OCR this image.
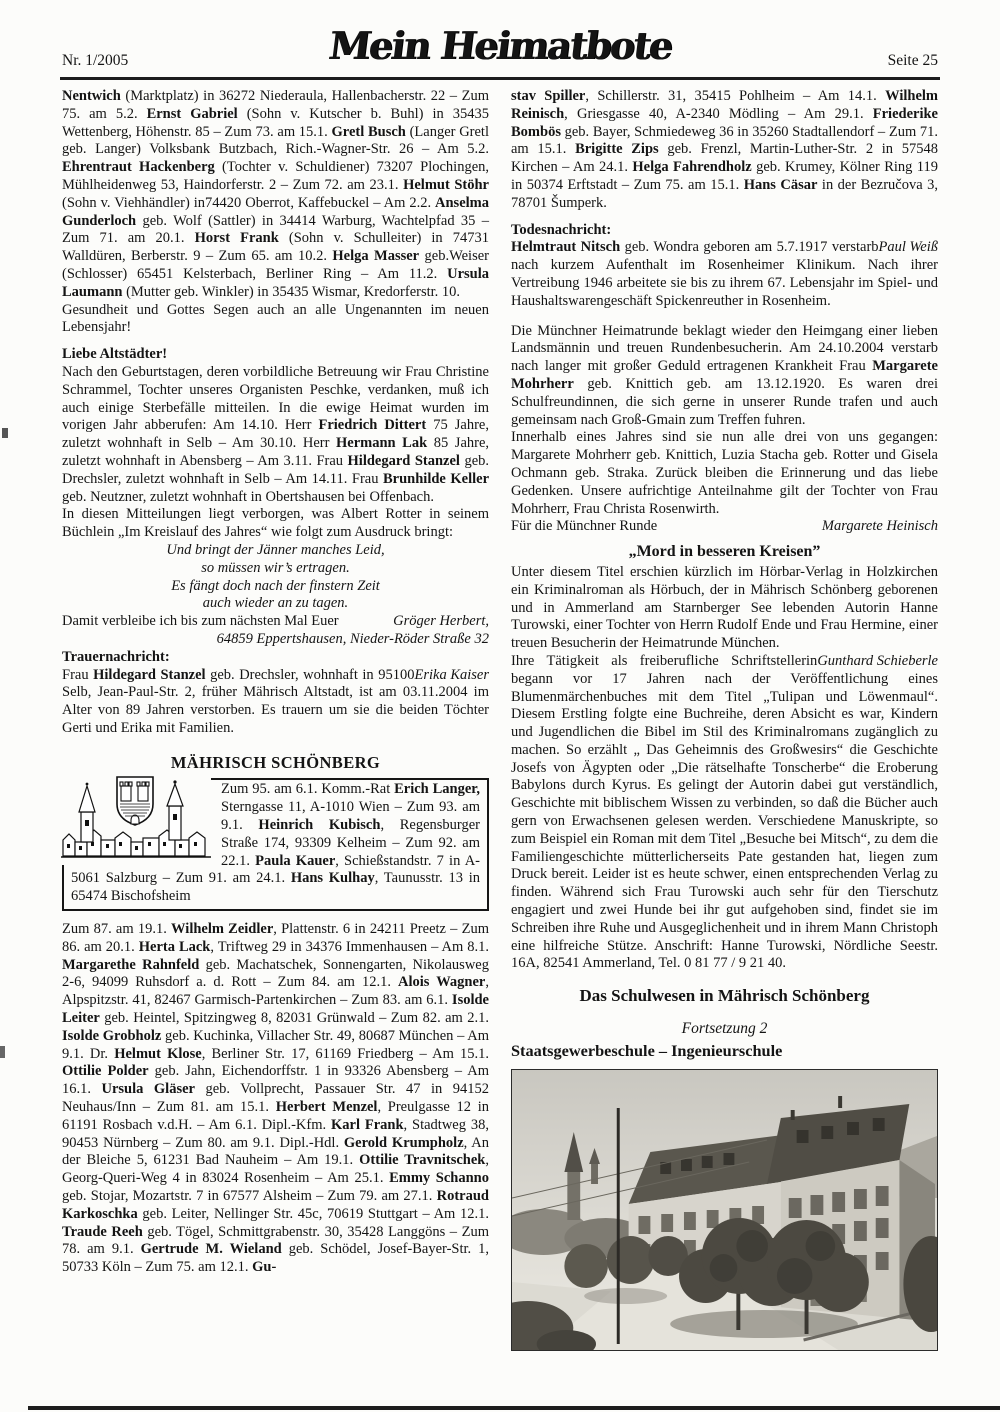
Nr. 1/2005	Mein Heimatbote	Seite 25

Nentwich (Marktplatz) in 36272 Niederaula, Hallenbacherstr. 22 – Zum 75. am 5.2. Ernst Gabriel (Sohn v. Kutscher b. Buhl) in 35435 Wettenberg, Höhenstr. 85 – Zum 73. am 15.1. Gretl Busch (Langer Gretl geb. Langer) Volksbank Butzbach, Rich.-Wagner-Str. 26 – Am 5.2. Ehrentraut Hackenberg (Tochter v. Schuldiener) 73207 Plochingen, Mühlheidenweg 53, Haindorferstr. 2 – Zum 72. am 23.1. Helmut Stöhr (Sohn v. Viehhändler) in74420 Oberrot, Kaffebuckel – Am 2.2. Anselma Gunderloch geb. Wolf (Sattler) in 34414 Warburg, Wachtelpfad 35 – Zum 71. am 20.1. Horst Frank (Sohn v. Schulleiter) in 74731 Walldüren, Berberstr. 9 – Zum 65. am 10.2. Helga Masser geb.Weiser (Schlosser) 65451 Kelsterbach, Berliner Ring – Am 11.2. Ursula Laumann (Mutter geb. Winkler) in 35435 Wismar, Kredorferstr. 10.

Gesundheit und Gottes Segen auch an alle Ungenannten im neuen Lebensjahr!

Liebe Altstädter!

Nach den Geburtstagen, deren vorbildliche Betreuung wir Frau Christine Schrammel, Tochter unseres Organisten Peschke, verdanken, muß ich auch einige Sterbefälle mitteilen. In die ewige Heimat wurden im vorigen Jahr abberufen: Am 14.10. Herr Friedrich Dittert 75 Jahre, zuletzt wohnhaft in Selb – Am 30.10. Herr Hermann Lak 85 Jahre, zuletzt wohnhaft in Abensberg – Am 3.11. Frau Hildegard Stanzel geb. Drechsler, zuletzt wohnhaft in Selb – Am 14.11. Frau Brunhilde Keller geb. Neutzner, zuletzt wohnhaft in Obertshausen bei Offenbach.

In diesen Mitteilungen liegt verborgen, was Albert Rotter in seinem Büchlein „Im Kreislauf des Jahres“ wie folgt zum Ausdruck bringt:

Und bringt der Jänner manches Leid,
so müssen wir’s ertragen.
Es fängt doch nach der finstern Zeit
auch wieder an zu tagen.
Damit verbleibe ich bis zum nächsten Mal Euer	Gröger Herbert,
64859 Eppertshausen, Nieder-Röder Straße 32

Trauernachricht:

Erika Kaiser
Frau Hildegard Stanzel geb. Drechsler, wohnhaft in 95100 Selb, Jean-Paul-Str. 2, früher Mährisch Altstadt, ist am 03.11.2004 im Alter von 89 Jahren verstorben. Es trauern um sie die beiden Töchter Gerti und Erika mit Familien.

MÄHRISCH SCHÖNBERG
Zum 95. am 6.1. Komm.-Rat Erich Langer, Sterngasse 11, A-1010 Wien – Zum 93. am 9.1. Heinrich Kubisch, Regensburger Straße 174, 93309 Kelheim – Zum 92. am 22.1. Paula Kauer, Schießstandstr. 7 in A-5061 Salzburg – Zum 91. am 24.1. Hans Kulhay, Taunusstr. 13 in 65474 Bischofsheim

Zum 87. am 19.1. Wilhelm Zeidler, Plattenstr. 6 in 24211 Preetz – Zum 86. am 20.1. Herta Lack, Triftweg 29 in 34376 Immenhausen – Am 8.1. Margarethe Rahnfeld geb. Machatschek, Sonnengarten, Nikolausweg 2-6, 94099 Ruhsdorf a. d. Rott – Zum 84. am 12.1. Alois Wagner, Alpspitzstr. 41, 82467 Garmisch-Partenkirchen – Zum 83. am 6.1. Isolde Leiter geb. Heintel, Spitzingweg 8, 82031 Grünwald – Zum 82. am 2.1. Isolde Grobholz geb. Kuchinka, Villacher Str. 49, 80687 München – Am 9.1. Dr. Helmut Klose, Berliner Str. 17, 61169 Friedberg – Am 15.1. Ottilie Polder geb. Jahn, Eichendorffstr. 1 in 93326 Abensberg – Am 16.1. Ursula Gläser geb. Vollprecht, Passauer Str. 47 in 94152 Neuhaus/Inn – Zum 81. am 15.1. Herbert Menzel, Preulgasse 12 in 61191 Rosbach v.d.H. – Am 6.1. Dipl.-Kfm. Karl Frank, Stadtweg 38, 90453 Nürnberg – Zum 80. am 9.1. Dipl.-Hdl. Gerold Krumpholz, An der Bleiche 5, 61231 Bad Nauheim – Am 19.1. Ottilie Travnitschek, Georg-Queri-Weg 4 in 83024 Rosenheim – Am 25.1. Emmy Schanno geb. Stojar, Mozartstr. 7 in 67577 Alsheim – Zum 79. am 27.1. Rotraud Karkoschka geb. Leiter, Nellinger Str. 45c, 70619 Stuttgart – Am 12.1. Traude Reeh geb. Tögel, Schmittgrabenstr. 30, 35428 Langgöns – Zum 78. am 9.1. Gertrude M. Wieland geb. Schödel, Josef-Bayer-Str. 1, 50733 Köln – Zum 75. am 12.1. Gu-

stav Spiller, Schillerstr. 31, 35415 Pohlheim – Am 14.1. Wilhelm Reinisch, Griesgasse 40, A-2340 Mödling – Am 29.1. Friederike Bombös geb. Bayer, Schmiedeweg 36 in 35260 Stadtallendorf – Zum 71. am 15.1. Brigitte Zips geb. Frenzl, Martin-Luther-Str. 2 in 57548 Kirchen – Am 24.1. Helga Fahrendholz geb. Krumey, Kölner Ring 119 in 50374 Erftstadt – Zum 75. am 15.1. Hans Cäsar in der Bezručova 3, 78701 Šumperk.

Todesnachricht:

Paul Weiß
Helmtraut Nitsch geb. Wondra geboren am 5.7.1917 verstarb nach kurzem Aufenthalt im Rosenheimer Klinikum. Nach ihrer Vertreibung 1946 arbeitete sie bis zu ihrem 67. Lebensjahr im Spiel- und Haushaltswarengeschäft Spickenreuther in Rosenheim.

Die Münchner Heimatrunde beklagt wieder den Heimgang einer lieben Landsmännin und treuen Rundenbesucherin. Am 24.10.2004 verstarb nach langer mit großer Geduld ertragenen Krankheit Frau Margarete Mohrherr geb. Knittich geb. am 13.12.1920. Es waren drei Schulfreundinnen, die sich gerne in unserer Runde trafen und auch gemeinsam nach Groß-Gmain zum Treffen fuhren.

Innerhalb eines Jahres sind sie nun alle drei von uns gegangen: Margarete Mohrherr geb. Knittich, Luzia Stacha geb. Rotter und Gisela Ochmann geb. Straka. Zurück bleiben die Erinnerung und das liebe Gedenken. Unsere aufrichtige Anteilnahme gilt der Tochter von Frau Mohrherr, Frau Christa Rosenwirth.

Für die Münchner Runde	Margarete Heinisch
„Mord in besseren Kreisen”

Unter diesem Titel erschien kürzlich im Hörbar-Verlag in Holzkirchen ein Kriminalroman als Hörbuch, der in Mährisch Schönberg geborenen und in Ammerland am Starnberger See lebenden Autorin Hanne Turowski, einer Tochter von Herrn Rudolf Ende und Frau Hermine, einer treuen Besucherin der Heimatrunde München.

Gunthard Schieberle
Ihre Tätigkeit als freiberufliche Schriftstellerin begann vor 17 Jahren nach der Veröffentlichung eines Blumenmärchenbuches mit dem Titel „Tulipan und Löwenmaul“. Diesem Erstling folgte eine Buchreihe, deren Absicht es war, Kindern und Jugendlichen die Bibel im Stil des Kriminalromans zugänglich zu machen. So erzählt „ Das Geheimnis des Großwesirs“ die Geschichte Josefs von Ägypten oder „Die rätselhafte Tonscherbe“ die Eroberung Babylons durch Kyrus. Es gelingt der Autorin dabei gut verständlich, Geschichte mit biblischem Wissen zu verbinden, so daß die Bücher auch gern von Erwachsenen gelesen werden. Verschiedene Manuskripte, so zum Beispiel ein Roman mit dem Titel „Besuche bei Mitsch“, zu dem die Familiengeschichte mütterlicherseits Pate gestanden hat, liegen zum Druck bereit. Leider ist es heute schwer, einen entsprechenden Verlag zu finden. Während sich Frau Turowski auch sehr für den Tierschutz engagiert und zwei Hunde bei ihr gut aufgehoben sind, findet sie im Schreiben ihre Ruhe und Ausgeglichenheit und in ihrem Mann Christoph eine hilfreiche Stütze. Anschrift: Hanne Turowski, Nördliche Seestr. 16A, 82541 Ammerland, Tel. 0 81 77 / 9 21 40.

Das Schulwesen in Mährisch Schönberg
Fortsetzung 2
Staatsgewerbeschule – Ingenieurschule
